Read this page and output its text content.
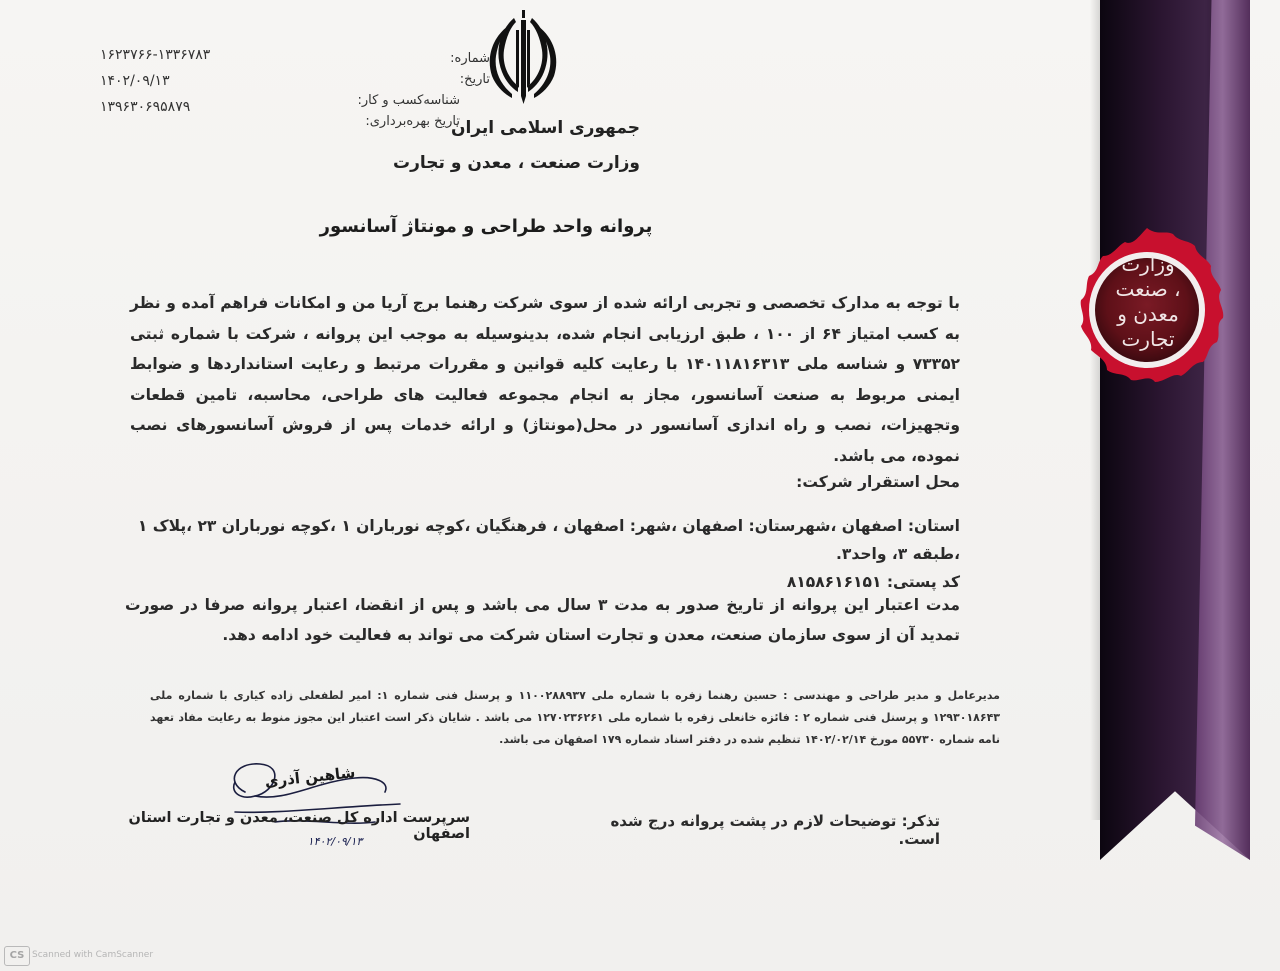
وزارت
صنعت ،
معدن و
تجارت
۱۶۲۳۷۶۶-۱۳۳۶۷۸۳
۱۴۰۲/۰۹/۱۳
۱۳۹۶۳۰۶۹۵۸۷۹
شماره:
تاریخ:
شناسه‌کسب و کار:
تاریخ بهره‌برداری:
جمهوری اسلامی ایران
وزارت صنعت ، معدن و تجارت
پروانه واحد طراحی و مونتاژ آسانسور
با توجه به مدارک تخصصی و تجربی ارائه شده از سوی شرکت رهنما برج آریا من و امکانات فراهم آمده و نظر به کسب امتیاز ۶۴ از ۱۰۰ ، طبق ارزیابی انجام شده، بدینوسیله به موجب این پروانه ، شرکت با شماره ثبتی ۷۳۳۵۲ و شناسه ملی ۱۴۰۱۱۸۱۶۳۱۳ با رعایت کلیه قوانین و مقررات مرتبط و رعایت استانداردها و ضوابط ایمنی مربوط به صنعت آسانسور، مجاز به انجام مجموعه فعالیت های طراحی، محاسبه، تامین قطعات وتجهیزات، نصب و راه اندازی آسانسور در محل(مونتاژ) و ارائه خدمات پس از فروش آسانسورهای نصب نموده، می باشد.
محل استقرار شرکت:
استان: اصفهان ،شهرستان: اصفهان ،شهر: اصفهان ، فرهنگیان ،کوچه نورباران ۱ ،کوچه نورباران ۲۳ ،پلاک ۱ ،طبقه ۳، واحد۳.
کد پستی: ۸۱۵۸۶۱۶۱۵۱
مدت اعتبار این پروانه از تاریخ صدور به مدت ۳ سال می باشد و پس از انقضا، اعتبار پروانه صرفا در صورت تمدید آن از سوی سازمان صنعت، معدن و تجارت استان شرکت می تواند به فعالیت خود ادامه دهد.
مدیرعامل و مدیر طراحی و مهندسی : حسین رهنما زفره با شماره ملی ۱۱۰۰۲۸۸۹۳۷ و پرسنل فنی شماره ۱: امیر لطفعلی زاده کیاری با شماره ملی ۱۲۹۳۰۱۸۶۴۳ و پرسنل فنی شماره ۲ : فائزه خانعلی زفره با شماره ملی ۱۲۷۰۲۳۶۲۶۱ می باشد . شایان ذکر است اعتبار این مجوز منوط به رعایت مفاد تعهد نامه شماره ۵۵۷۳۰ مورخ ۱۴۰۲/۰۲/۱۴ تنظیم شده در دفتر اسناد شماره ۱۷۹ اصفهان می باشد.
شاهین آذری
سرپرست اداره کل صنعت، معدن و تجارت استان اصفهان
۱۴۰۲/۰۹/۱۳
تذکر: توضیحات لازم در پشت پروانه درج شده است.
CS Scanned with CamScanner
